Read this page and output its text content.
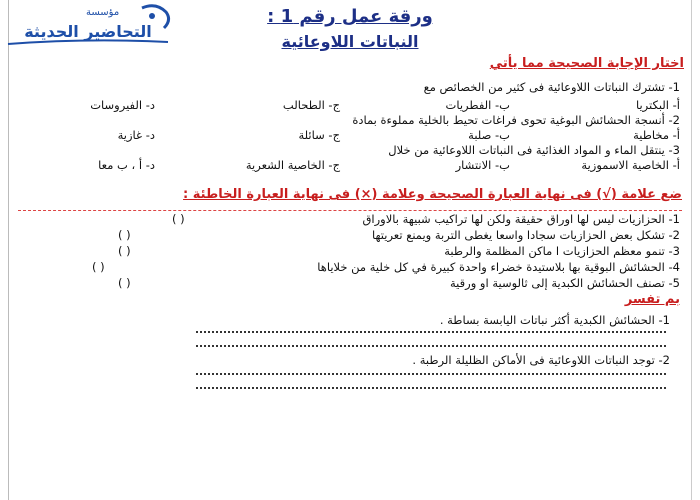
مؤسسة
التحاضير الحديثة
ورقة عمل رقم 1 :
النباتات اللاوعائية
اختار الإجابة الصحيحة مما يأتي
1- تشترك النباتات اللاوعائية فى كثير من الخصائص مع
أ- البكتريا
ب- الفطريات
ج- الطحالب
د- الفيروسات
2- أنسجة الحشائش البوغية تحوى فراغات تحيط بالخلية مملوءة بمادة
أ- مخاطية
ب- صلبة
ج- سائلة
د- غازية
3- ينتقل الماء و المواد الغذائية فى النباتات اللاوعائية من خلال
أ- الخاصية الاسموزية
ب- الانتشار
ج- الخاصية الشعرية
د- أ ، ب معا
ضع علامة (√) فى نهاية العبارة الصحيحة وعلامة (×) فى نهاية العبارة الخاطئة :
1- الحزازيات ليس لها اوراق حقيقة ولكن لها تراكيب شبيهة بالاوراق
( )
2- تشكل بعض الحزازيات سجادا واسعا يغطى التربة ويمنع تعريتها
( )
3- تنمو معظم الحزازيات ا ماكن المظلمة والرطبة
( )
4- الحشائش البوقية بها بلاستيدة خضراء واحدة كبيرة في كل خلية من خلاياها
( )
5- تصنف الحشائش الكبدية إلى ثالوسية او ورقية
( )
بم تفسر
1- الحشائش الكبدية أكثر نباتات اليابسة بساطة .
2- توجد النباتات اللاوعائية فى الأماكن الظليلة الرطبة .
